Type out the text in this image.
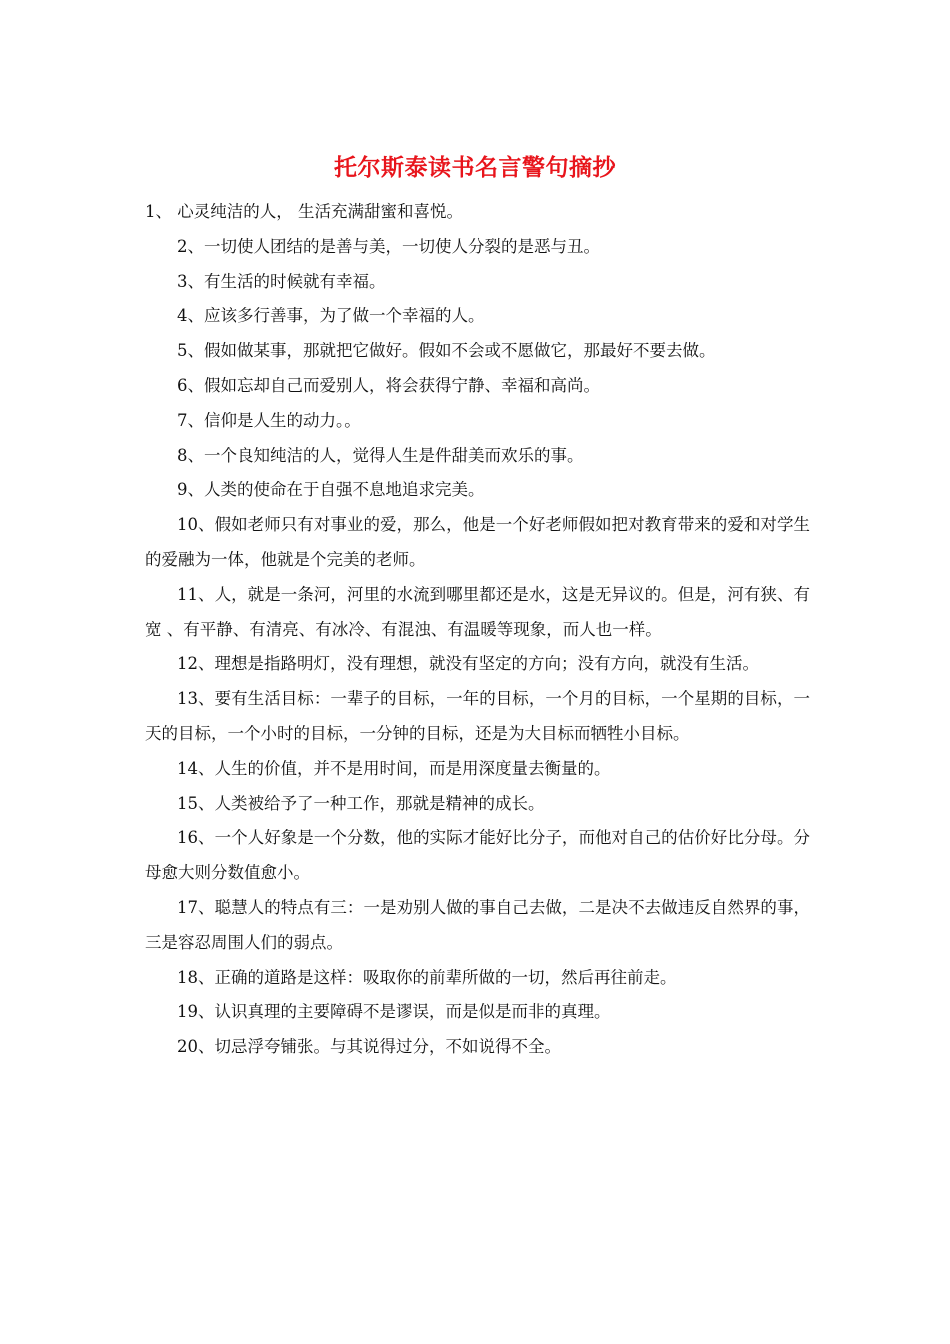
托尔斯泰读书名言警句摘抄

1、 心灵纯洁的人， 生活充满甜蜜和喜悦。

2、一切使人团结的是善与美，一切使人分裂的是恶与丑。

3、有生活的时候就有幸福。

4、应该多行善事，为了做一个幸福的人。

5、假如做某事，那就把它做好。假如不会或不愿做它，那最好不要去做。

6、假如忘却自己而爱别人，将会获得宁静、幸福和高尚。

7、信仰是人生的动力。。

8、一个良知纯洁的人，觉得人生是件甜美而欢乐的事。

9、人类的使命在于自强不息地追求完美。

10、假如老师只有对事业的爱，那么，他是一个好老师假如把对教育带来的爱和对学生的爱融为一体，他就是个完美的老师。

11、人，就是一条河，河里的水流到哪里都还是水，这是无异议的。但是，河有狭、有宽 、有平静、有清亮、有冰冷、有混浊、有温暖等现象，而人也一样。

12、理想是指路明灯，没有理想，就没有坚定的方向；没有方向，就没有生活。

13、要有生活目标：一辈子的目标，一年的目标，一个月的目标，一个星期的目标，一天的目标，一个小时的目标，一分钟的目标，还是为大目标而牺牲小目标。

14、人生的价值，并不是用时间，而是用深度量去衡量的。

15、人类被给予了一种工作，那就是精神的成长。

16、一个人好象是一个分数，他的实际才能好比分子，而他对自己的估价好比分母。分母愈大则分数值愈小。

17、聪慧人的特点有三：一是劝别人做的事自己去做，二是决不去做违反自然界的事，三是容忍周围人们的弱点。

18、正确的道路是这样：吸取你的前辈所做的一切，然后再往前走。

19、认识真理的主要障碍不是谬误，而是似是而非的真理。

20、切忌浮夸铺张。与其说得过分，不如说得不全。
